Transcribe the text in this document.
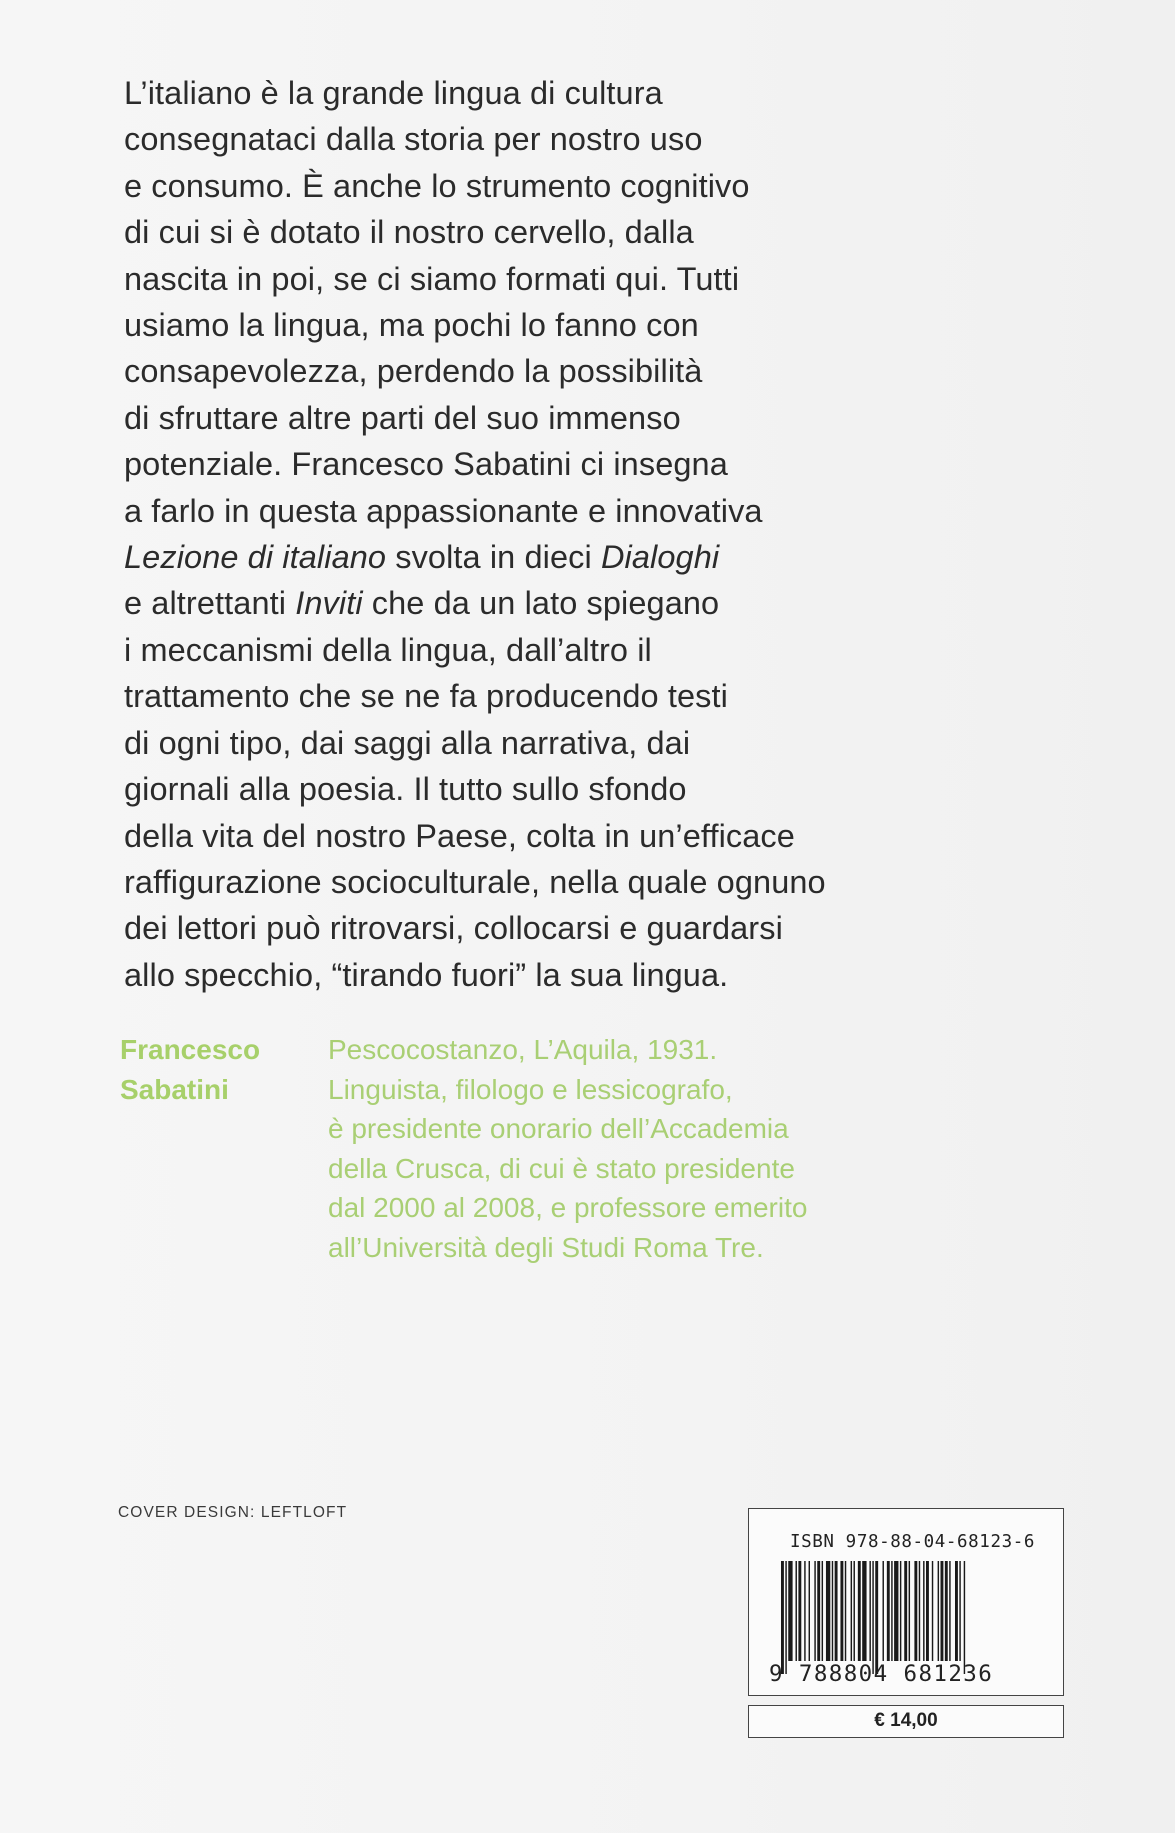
L’italiano è la grande lingua di cultura
consegnataci dalla storia per nostro uso
e consumo. È anche lo strumento cognitivo
di cui si è dotato il nostro cervello, dalla
nascita in poi, se ci siamo formati qui. Tutti
usiamo la lingua, ma pochi lo fanno con
consapevolezza, perdendo la possibilità
di sfruttare altre parti del suo immenso
potenziale. Francesco Sabatini ci insegna
a farlo in questa appassionante e innovativa
Lezione di italiano svolta in dieci Dialoghi
e altrettanti Inviti che da un lato spiegano
i meccanismi della lingua, dall’altro il
trattamento che se ne fa producendo testi
di ogni tipo, dai saggi alla narrativa, dai
giornali alla poesia. Il tutto sullo sfondo
della vita del nostro Paese, colta in un’efficace
raffigurazione socioculturale, nella quale ognuno
dei lettori può ritrovarsi, collocarsi e guardarsi
allo specchio, “tirando fuori” la sua lingua.

Francesco
Sabatini
Pescocostanzo, L’Aquila, 1931.
Linguista, filologo e lessicografo,
è presidente onorario dell’Accademia
della Crusca, di cui è stato presidente
dal 2000 al 2008, e professore emerito
all’Università degli Studi Roma Tre.
COVER DESIGN: LEFTLOFT
ISBN 978-88-04-68123-6
9 788804 681236
€ 14,00
